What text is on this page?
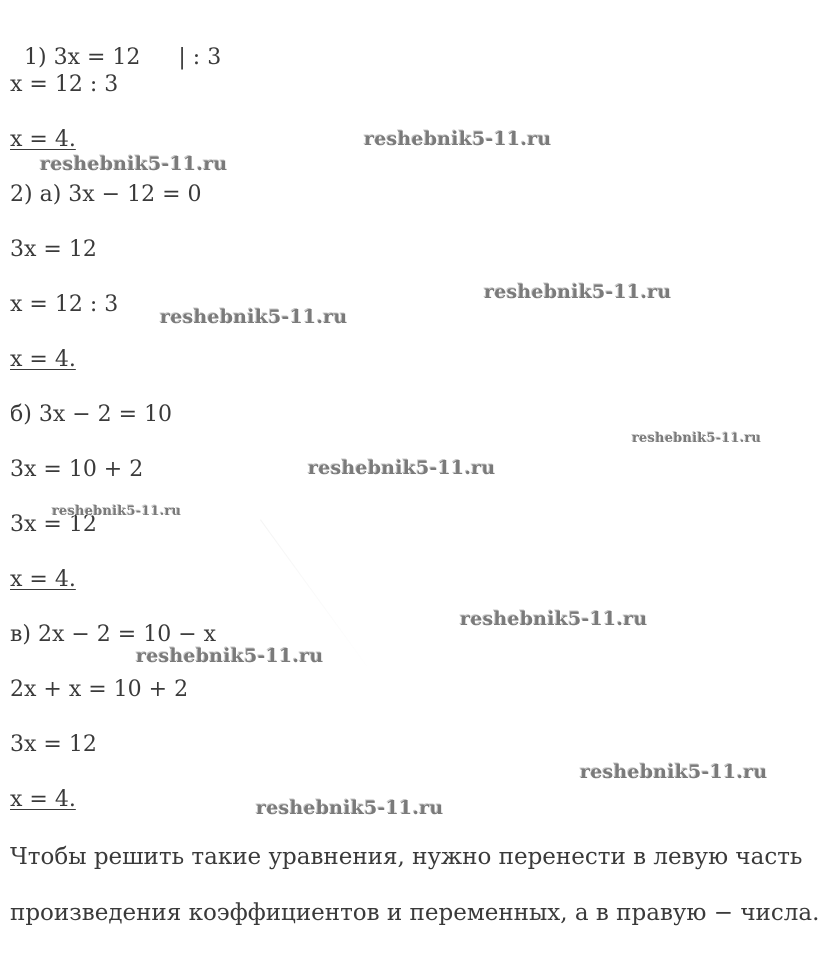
1) 3x = 12 | : 3

x = 12 : 3
x = 4.
2) а) 3x − 12 = 0
3x = 12
x = 12 : 3
x = 4.
б) 3x − 2 = 10
3x = 10 + 2
3x = 12
x = 4.
в) 2x − 2 = 10 − x
2x + x = 10 + 2
3x = 12
x = 4.
Чтобы решить такие уравнения, нужно перенести в левую часть
произведения коэффициентов и переменных, а в правую − числа.
reshebnik5-11.ru
reshebnik5-11.ru
reshebnik5-11.ru
reshebnik5-11.ru
reshebnik5-11.ru
reshebnik5-11.ru
reshebnik5-11.ru
reshebnik5-11.ru
reshebnik5-11.ru
reshebnik5-11.ru
reshebnik5-11.ru
